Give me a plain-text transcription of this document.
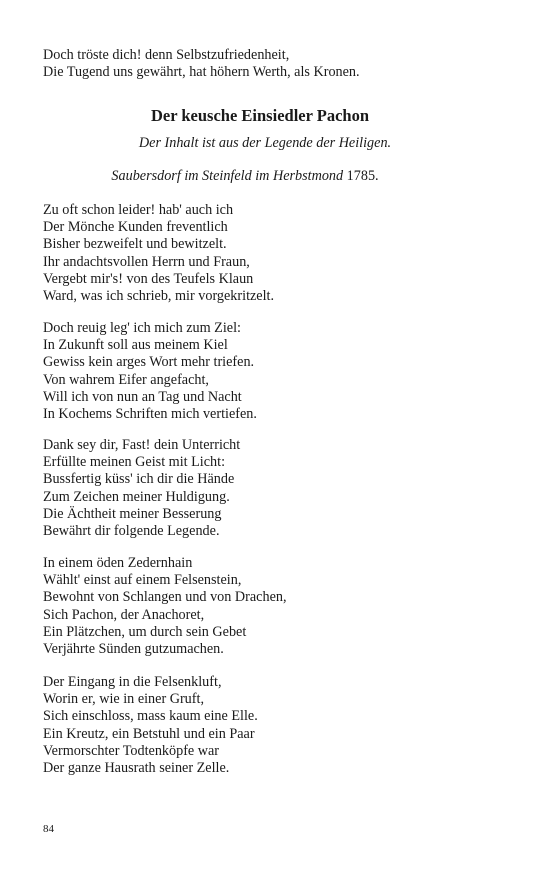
Doch tröste dich! denn Selbstzufriedenheit,
Die Tugend uns gewährt, hat höhern Werth, als Kronen.
Der keusche Einsiedler Pachon
Der Inhalt ist aus der Legende der Heiligen.
Saubersdorf im Steinfeld im Herbstmond 1785.
Zu oft schon leider! hab' auch ich
Der Mönche Kunden freventlich
Bisher bezweifelt und bewitzelt.
Ihr andachtsvollen Herrn und Fraun,
Vergebt mir's! von des Teufels Klaun
Ward, was ich schrieb, mir vorgekritzelt.
Doch reuig leg' ich mich zum Ziel:
In Zukunft soll aus meinem Kiel
Gewiss kein arges Wort mehr triefen.
Von wahrem Eifer angefacht,
Will ich von nun an Tag und Nacht
In Kochems Schriften mich vertiefen.
Dank sey dir, Fast! dein Unterricht
Erfüllte meinen Geist mit Licht:
Bussfertig küss' ich dir die Hände
Zum Zeichen meiner Huldigung.
Die Ächtheit meiner Besserung
Bewährt dir folgende Legende.
In einem öden Zedernhain
Wählt' einst auf einem Felsenstein,
Bewohnt von Schlangen und von Drachen,
Sich Pachon, der Anachoret,
Ein Plätzchen, um durch sein Gebet
Verjährte Sünden gutzumachen.
Der Eingang in die Felsenkluft,
Worin er, wie in einer Gruft,
Sich einschloss, mass kaum eine Elle.
Ein Kreutz, ein Betstuhl und ein Paar
Vermorschter Todtenköpfe war
Der ganze Hausrath seiner Zelle.
84
